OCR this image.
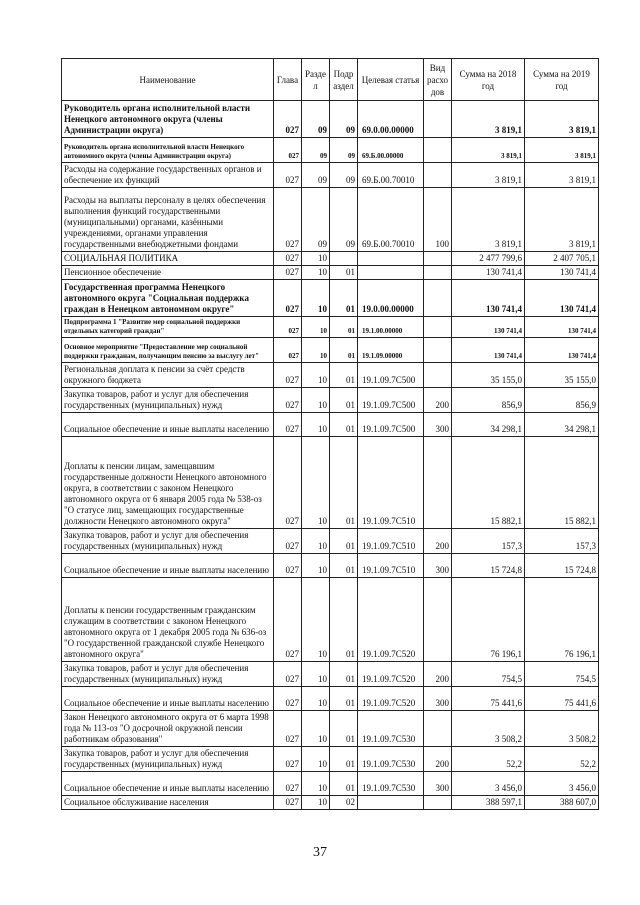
Наименование	Глава	Разде л	Подр аздел	Целевая статья	Вид расхо дов	Сумма на 2018 год	Сумма на 2019 год
Руководитель органа исполнительной власти Ненецкого автономного округа (члены Администрации округа)	027	09	09	69.0.00.00000		3 819,1	3 819,1
Руководитель органа исполнительной власти Ненецкого автономного округа (члены Администрации округа)	027	09	09	69.Б.00.00000		3 819,1	3 819,1
Расходы на содержание государственных органов и обеспечение их функций	027	09	09	69.Б.00.70010		3 819,1	3 819,1
Расходы на выплаты персоналу в целях обеспечения выполнения функций государственными (муниципальными) органами, казёнными учреждениями, органами управления государственными внебюджетными фондами	027	09	09	69.Б.00.70010	100	3 819,1	3 819,1
СОЦИАЛЬНАЯ ПОЛИТИКА	027	10				2 477 799,6	2 407 705,1
Пенсионное обеспечение	027	10	01			130 741,4	130 741,4
Государственная программа Ненецкого автономного округа "Социальная поддержка граждан в Ненецком автономном округе"	027	10	01	19.0.00.00000		130 741,4	130 741,4
Подпрограмма 1 "Развитие мер социальной поддержки отдельных категорий граждан"	027	10	01	19.1.00.00000		130 741,4	130 741,4
Основное мероприятие "Предоставление мер социальной поддержки гражданам, получающим пенсию за выслугу лет"	027	10	01	19.1.09.00000		130 741,4	130 741,4
Региональная доплата к пенсии за счёт средств окружного бюджета	027	10	01	19.1.09.7С500		35 155,0	35 155,0
Закупка товаров, работ и услуг для обеспечения государственных (муниципальных) нужд	027	10	01	19.1.09.7С500	200	856,9	856,9
Социальное обеспечение и иные выплаты населению	027	10	01	19.1.09.7С500	300	34 298,1	34 298,1
Доплаты к пенсии лицам, замещавшим государственные должности Ненецкого автономного округа, в соответствии с законом Ненецкого автономного округа от 6 января 2005 года № 538-оз "О статусе лиц, замещающих государственные должности Ненецкого автономного округа"	027	10	01	19.1.09.7С510		15 882,1	15 882,1
Закупка товаров, работ и услуг для обеспечения государственных (муниципальных) нужд	027	10	01	19.1.09.7С510	200	157,3	157,3
Социальное обеспечение и иные выплаты населению	027	10	01	19.1.09.7С510	300	15 724,8	15 724,8
Доплаты к пенсии государственным гражданским служащим в соответствии с законом Ненецкого автономного округа от 1 декабря 2005 года № 636-оз "О государственной гражданской службе Ненецкого автономного округа"	027	10	01	19.1.09.7С520		76 196,1	76 196,1
Закупка товаров, работ и услуг для обеспечения государственных (муниципальных) нужд	027	10	01	19.1.09.7С520	200	754,5	754,5
Социальное обеспечение и иные выплаты населению	027	10	01	19.1.09.7С520	300	75 441,6	75 441,6
Закон Ненецкого автономного округа от 6 марта 1998 года № 113-оз "О досрочной окружной пенсии работникам образования"	027	10	01	19.1.09.7С530		3 508,2	3 508,2
Закупка товаров, работ и услуг для обеспечения государственных (муниципальных) нужд	027	10	01	19.1.09.7С530	200	52,2	52,2
Социальное обеспечение и иные выплаты населению	027	10	01	19.1.09.7С530	300	3 456,0	3 456,0
Социальное обслуживание населения	027	10	02			388 597,1	388 607,0
37
